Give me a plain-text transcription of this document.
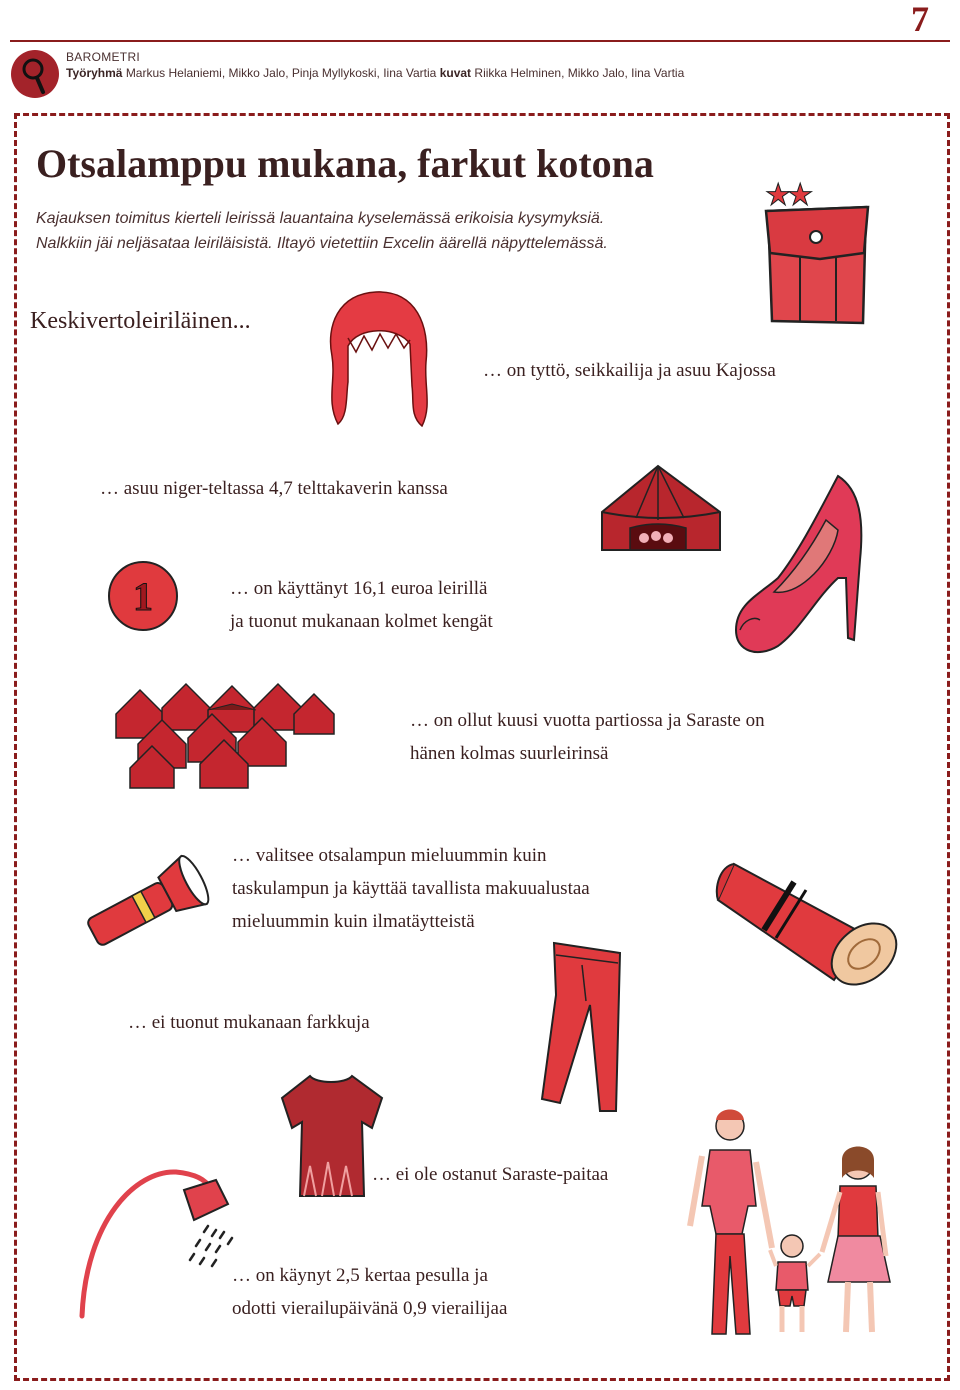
7
BAROMETRI
Työryhmä Markus Helaniemi, Mikko Jalo, Pinja Myllykoski, Iina Vartia kuvat Riikka Helminen, Mikko Jalo, Iina Vartia
Otsalamppu mukana, farkut kotona
Kajauksen toimitus kierteli leirissä lauantaina kyselemässä erikoisia kysymyksiä.
Nalkkiin jäi neljäsataa leiriläisistä. Iltayö vietettiin Excelin äärellä näpyttelemässä.
Keskivertoleiriläinen...
… on tyttö, seikkailija ja asuu Kajossa
… asuu niger-teltassa 4,7 telttakaverin kanssa
1	… on käyttänyt 16,1 euroa leirillä
ja tuonut mukanaan kolmet kengät
… on ollut kuusi vuotta partiossa ja Saraste on
hänen kolmas suurleirinsä
… valitsee otsalampun mieluummin kuin
taskulampun ja käyttää tavallista makuualustaa
mieluummin kuin ilmatäytteistä
… ei tuonut mukanaan farkkuja
… ei ole ostanut Saraste-paitaa
… on käynyt 2,5 kertaa pesulla ja
odotti vierailupäivänä 0,9 vierailijaa
